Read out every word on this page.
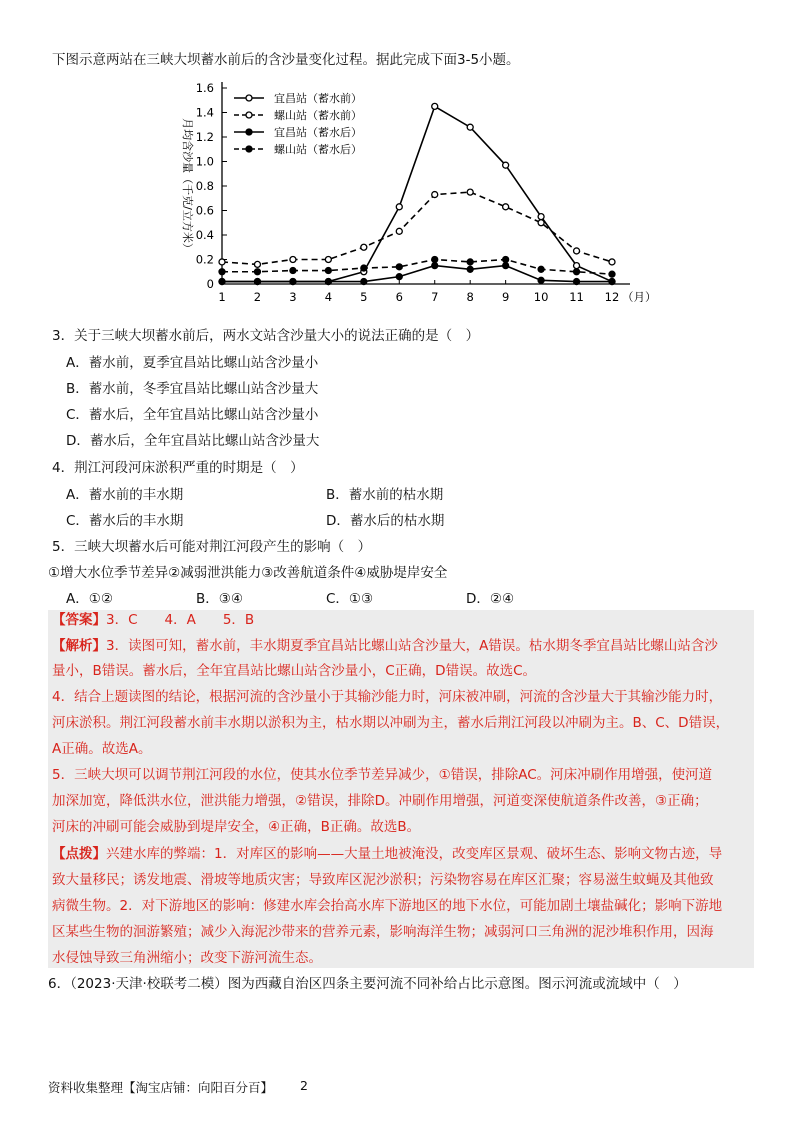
下图示意两站在三峡大坝蓄水前后的含沙量变化过程。据此完成下面3-5小题。
0
0.2
0.4
0.6
0.8
1.0
1.2
1.4
1.6
1 2 3 4 5 6 7 8 9 10 11 12 （月）
月均含沙量（千克/立方米）
宜昌站（蓄水前）
螺山站（蓄水前）
宜昌站（蓄水后）
螺山站（蓄水后）
3．关于三峡大坝蓄水前后，两水文站含沙量大小的说法正确的是（　）
A．蓄水前，夏季宜昌站比螺山站含沙量小
B．蓄水前，冬季宜昌站比螺山站含沙量大
C．蓄水后，全年宜昌站比螺山站含沙量小
D．蓄水后，全年宜昌站比螺山站含沙量大
4．荆江河段河床淤积严重的时期是（　）
A．蓄水前的丰水期	B．蓄水前的枯水期
C．蓄水后的丰水期	D．蓄水后的枯水期
5．三峡大坝蓄水后可能对荆江河段产生的影响（　）
①增大水位季节差异②减弱泄洪能力③改善航道条件④威胁堤岸安全
A．①②	B．③④	C．①③	D．②④
【答案】3．C　　4．A　　5．B
【解析】3．读图可知，蓄水前，丰水期夏季宜昌站比螺山站含沙量大，A错误。枯水期冬季宜昌站比螺山站含沙
量小，B错误。蓄水后，全年宜昌站比螺山站含沙量小，C正确，D错误。故选C。
4．结合上题读图的结论，根据河流的含沙量小于其输沙能力时，河床被冲刷，河流的含沙量大于其输沙能力时，
河床淤积。荆江河段蓄水前丰水期以淤积为主，枯水期以冲刷为主，蓄水后荆江河段以冲刷为主。B、C、D错误，
A正确。故选A。
5．三峡大坝可以调节荆江河段的水位，使其水位季节差异减少，①错误，排除AC。河床冲刷作用增强，使河道
加深加宽，降低洪水位，泄洪能力增强，②错误，排除D。冲刷作用增强，河道变深使航道条件改善，③正确；
河床的冲刷可能会威胁到堤岸安全，④正确，B正确。故选B。
【点拨】兴建水库的弊端：1．对库区的影响——大量土地被淹没，改变库区景观、破坏生态、影响文物古迹，导
致大量移民；诱发地震、滑坡等地质灾害；导致库区泥沙淤积；污染物容易在库区汇聚；容易滋生蚊蝇及其他致
病微生物。2．对下游地区的影响：修建水库会抬高水库下游地区的地下水位，可能加剧土壤盐碱化；影响下游地
区某些生物的洄游繁殖；减少入海泥沙带来的营养元素，影响海洋生物；减弱河口三角洲的泥沙堆积作用，因海
水侵蚀导致三角洲缩小；改变下游河流生态。
6．（2023·天津·校联考二模）图为西藏自治区四条主要河流不同补给占比示意图。图示河流或流域中（　）
资料收集整理【淘宝店铺：向阳百分百】 2
